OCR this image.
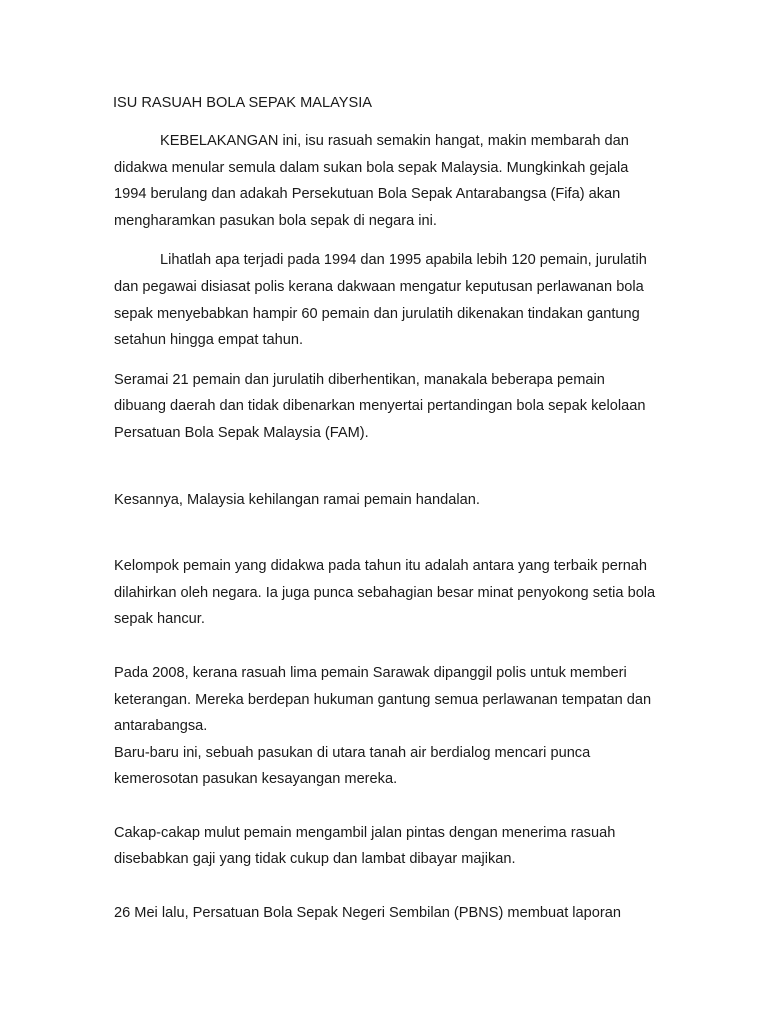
ISU RASUAH BOLA SEPAK MALAYSIA

KEBELAKANGAN ini, isu rasuah semakin hangat, makin membarah dan didakwa menular semula dalam sukan bola sepak Malaysia. Mungkinkah gejala 1994 berulang dan adakah Persekutuan Bola Sepak Antarabangsa (Fifa) akan mengharamkan pasukan bola sepak di negara ini.

Lihatlah apa terjadi pada 1994 dan 1995 apabila lebih 120 pemain, jurulatih dan pegawai disiasat polis kerana dakwaan mengatur keputusan perlawanan bola sepak menyebabkan hampir 60 pemain dan jurulatih dikenakan tindakan gantung setahun hingga empat tahun.

Seramai 21 pemain dan jurulatih diberhentikan, manakala beberapa pemain dibuang daerah dan tidak dibenarkan menyertai pertandingan bola sepak kelolaan Persatuan Bola Sepak Malaysia (FAM).

Kesannya, Malaysia kehilangan ramai pemain handalan.

Kelompok pemain yang didakwa pada tahun itu adalah antara yang terbaik pernah dilahirkan oleh negara. Ia juga punca sebahagian besar minat penyokong setia bola sepak hancur.

Pada 2008, kerana rasuah lima pemain Sarawak dipanggil polis untuk memberi keterangan. Mereka berdepan hukuman gantung semua perlawanan tempatan dan antarabangsa.

Baru-baru ini, sebuah pasukan di utara tanah air berdialog mencari punca kemerosotan pasukan kesayangan mereka.

Cakap-cakap mulut pemain mengambil jalan pintas dengan menerima rasuah disebabkan gaji yang tidak cukup dan lambat dibayar majikan.

26 Mei lalu, Persatuan Bola Sepak Negeri Sembilan (PBNS) membuat laporan
